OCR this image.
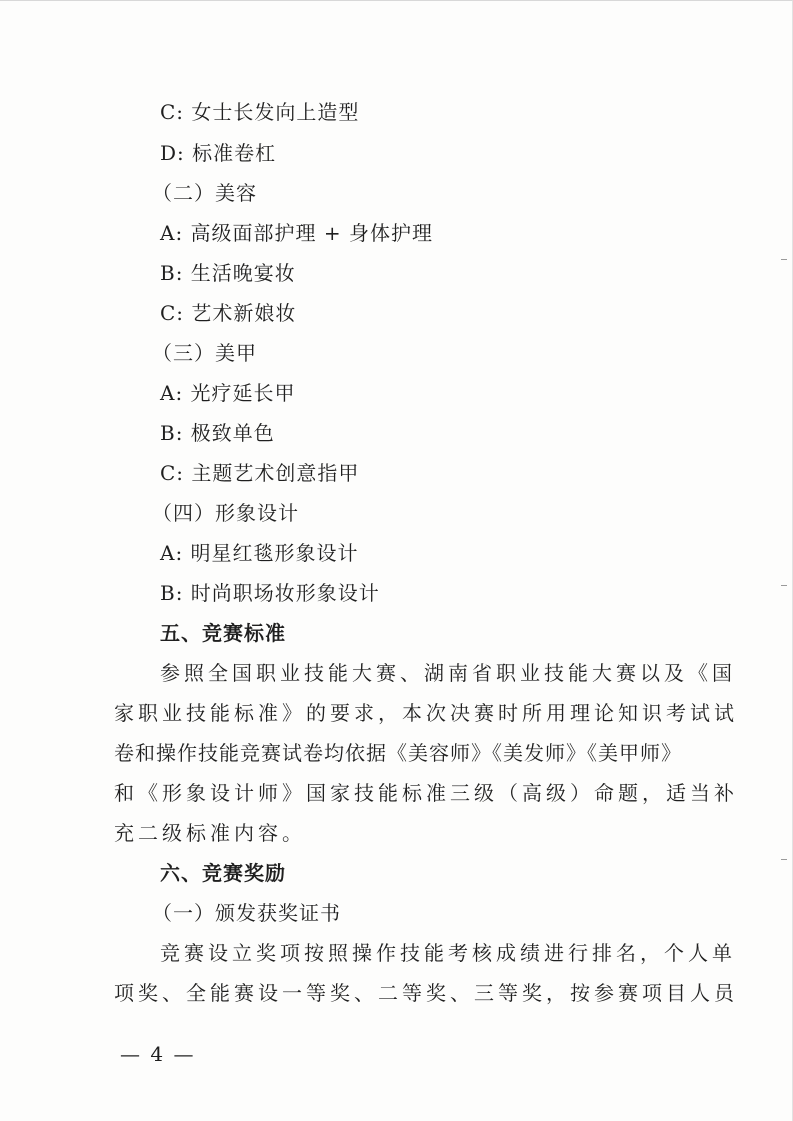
C: 女士长发向上造型
D: 标准卷杠
（二）美容
A: 高级面部护理 + 身体护理
B: 生活晚宴妆
C: 艺术新娘妆
（三）美甲
A: 光疗延长甲
B: 极致单色
C: 主题艺术创意指甲
（四）形象设计
A: 明星红毯形象设计
B: 时尚职场妆形象设计
五、竞赛标准
参照全国职业技能大赛、湖南省职业技能大赛以及《国
家职业技能标准》的要求，本次决赛时所用理论知识考试试
卷和操作技能竞赛试卷均依据《美容师》《美发师》《美甲师》
和《形象设计师》国家技能标准三级（高级）命题，适当补
充二级标准内容。
六、竞赛奖励
（一）颁发获奖证书
竞赛设立奖项按照操作技能考核成绩进行排名，个人单
项奖、全能赛设一等奖、二等奖、三等奖，按参赛项目人员
— 4 —
